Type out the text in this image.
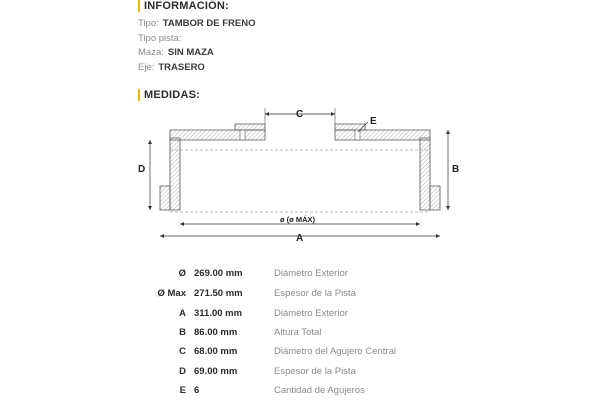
INFORMACIÓN:
Tipo: TAMBOR DE FRENO
Tipo pista:
Maza: SIN MAZA
Eje: TRASERO
MEDIDAS:
C
E
D	B
ø (ø MÁX)
A
Ø 269.00 mm	Diámetro Exterior
Ø Max 271.50 mm	Espesor de la Pista
A 311.00 mm	Diámetro Exterior
B 86.00 mm	Altura Total
C 68.00 mm	Diámetro del Agujero Central
D 69.00 mm	Espesor de la Pista
E 6	Cantidad de Agujeros
